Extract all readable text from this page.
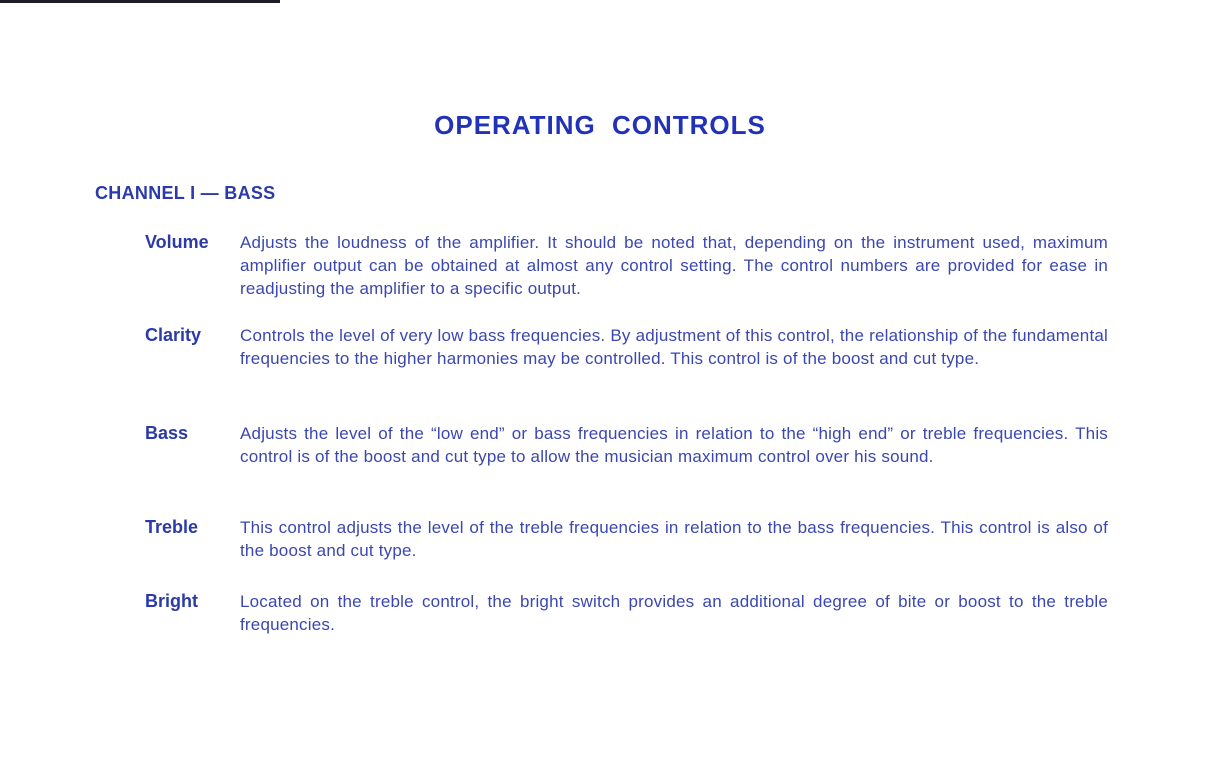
OPERATING CONTROLS
CHANNEL I — BASS
Volume Adjusts the loudness of the amplifier. It should be noted that, depending on the instrument used, maximum amplifier output can be obtained at almost any control setting. The control numbers are provided for ease in readjusting the amplifier to a specific output.

Clarity Controls the level of very low bass frequencies. By adjustment of this control, the relationship of the fundamental frequencies to the higher harmonies may be controlled. This control is of the boost and cut type.

Bass	Adjusts the level of the “low end” or bass frequencies in relation to the “high end” or treble frequencies. This control is of the boost and cut type to allow the musician maximum control over his sound.

Treble This control adjusts the level of the treble frequencies in relation to the bass frequencies. This control is also of the boost and cut type.

Bright Located on the treble control, the bright switch provides an additional degree of bite or boost to the treble frequencies.
